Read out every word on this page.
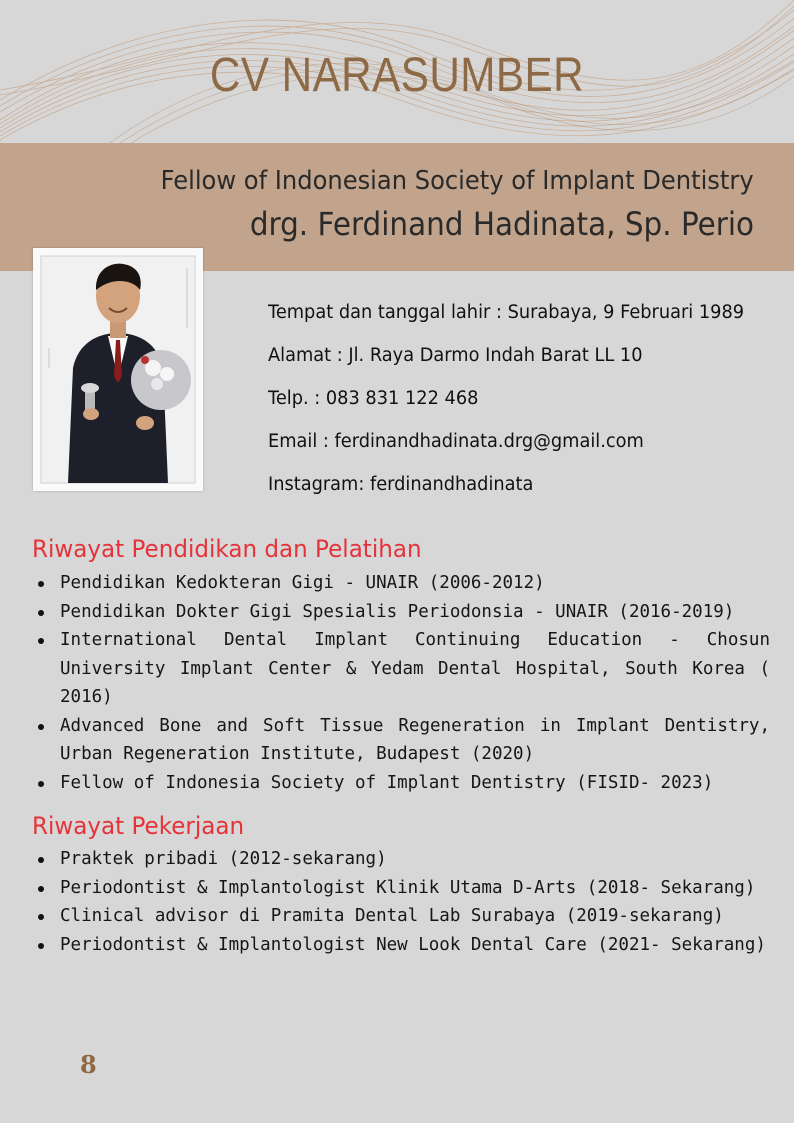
CV NARASUMBER
Fellow of Indonesian Society of Implant Dentistry
drg. Ferdinand Hadinata, Sp. Perio
Tempat dan tanggal lahir : Surabaya, 9 Februari 1989
Alamat : Jl. Raya Darmo Indah Barat LL 10
Telp. : 083 831 122 468
Email : ferdinandhadinata.drg@gmail.com
Instagram: ferdinandhadinata
Riwayat Pendidikan dan Pelatihan
Pendidikan Kedokteran Gigi - UNAIR (2006-2012)
Pendidikan Dokter Gigi Spesialis Periodonsia - UNAIR (2016-2019)
International Dental Implant Continuing Education - Chosun University Implant Center & Yedam Dental Hospital, South Korea ( 2016)
Advanced Bone and Soft Tissue Regeneration in Implant Dentistry, Urban Regeneration Institute, Budapest (2020)
Fellow of Indonesia Society of Implant Dentistry (FISID- 2023)
Riwayat Pekerjaan
Praktek pribadi (2012-sekarang)
Periodontist & Implantologist Klinik Utama D-Arts (2018- Sekarang)
Clinical advisor di Pramita Dental Lab Surabaya (2019-sekarang)
Periodontist & Implantologist New Look Dental Care (2021- Sekarang)
8
